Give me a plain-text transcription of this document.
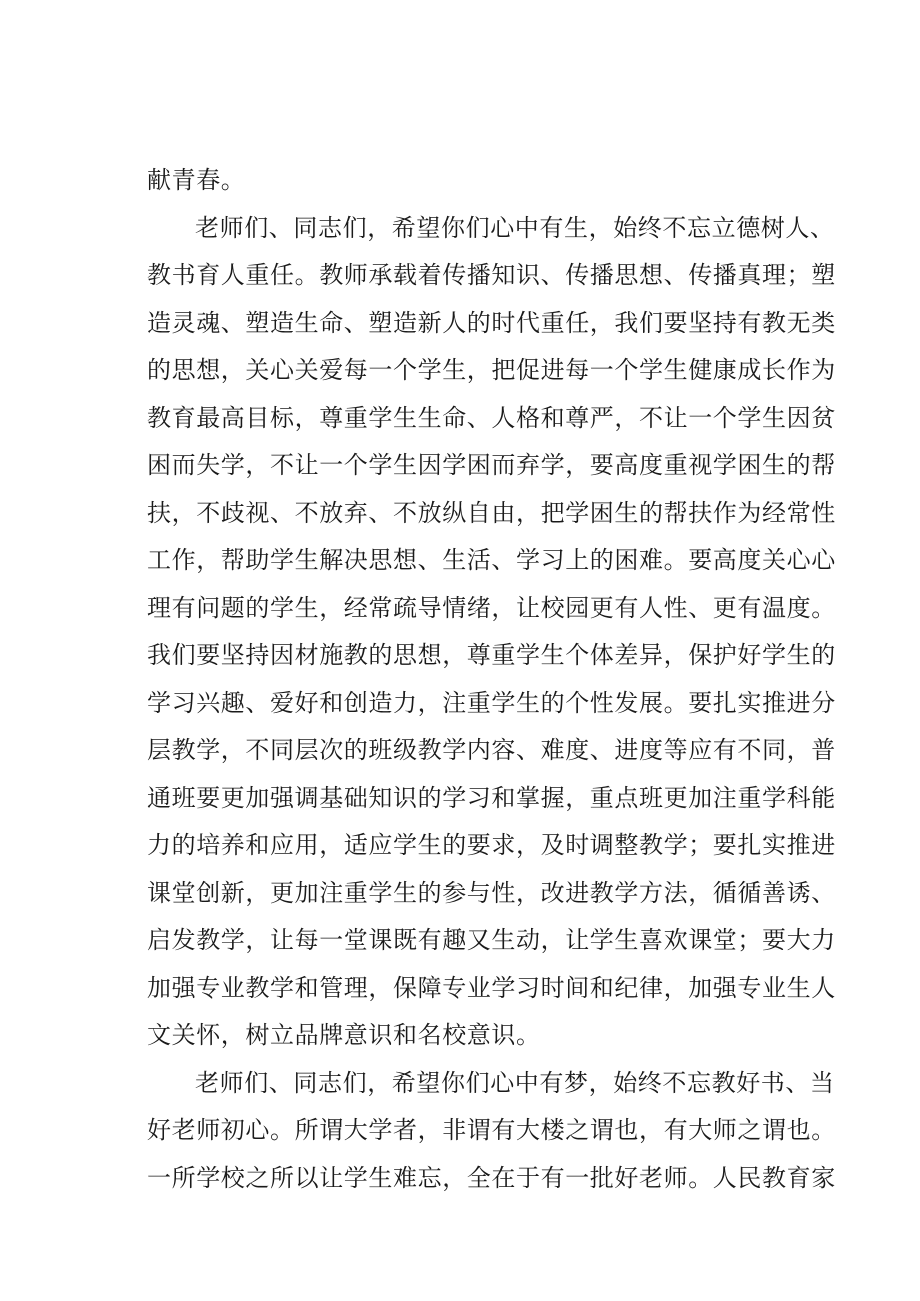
献青春。
老师们、同志们，希望你们心中有生，始终不忘立德树人、
教书育人重任。教师承载着传播知识、传播思想、传播真理；塑
造灵魂、塑造生命、塑造新人的时代重任，我们要坚持有教无类
的思想，关心关爱每一个学生，把促进每一个学生健康成长作为
教育最高目标，尊重学生生命、人格和尊严，不让一个学生因贫
困而失学，不让一个学生因学困而弃学，要高度重视学困生的帮
扶，不歧视、不放弃、不放纵自由，把学困生的帮扶作为经常性
工作，帮助学生解决思想、生活、学习上的困难。要高度关心心
理有问题的学生，经常疏导情绪，让校园更有人性、更有温度。
我们要坚持因材施教的思想，尊重学生个体差异，保护好学生的
学习兴趣、爱好和创造力，注重学生的个性发展。要扎实推进分
层教学，不同层次的班级教学内容、难度、进度等应有不同，普
通班要更加强调基础知识的学习和掌握，重点班更加注重学科能
力的培养和应用，适应学生的要求，及时调整教学；要扎实推进
课堂创新，更加注重学生的参与性，改进教学方法，循循善诱、
启发教学，让每一堂课既有趣又生动，让学生喜欢课堂；要大力
加强专业教学和管理，保障专业学习时间和纪律，加强专业生人
文关怀，树立品牌意识和名校意识。
老师们、同志们，希望你们心中有梦，始终不忘教好书、当
好老师初心。所谓大学者，非谓有大楼之谓也，有大师之谓也。
一所学校之所以让学生难忘，全在于有一批好老师。人民教育家
